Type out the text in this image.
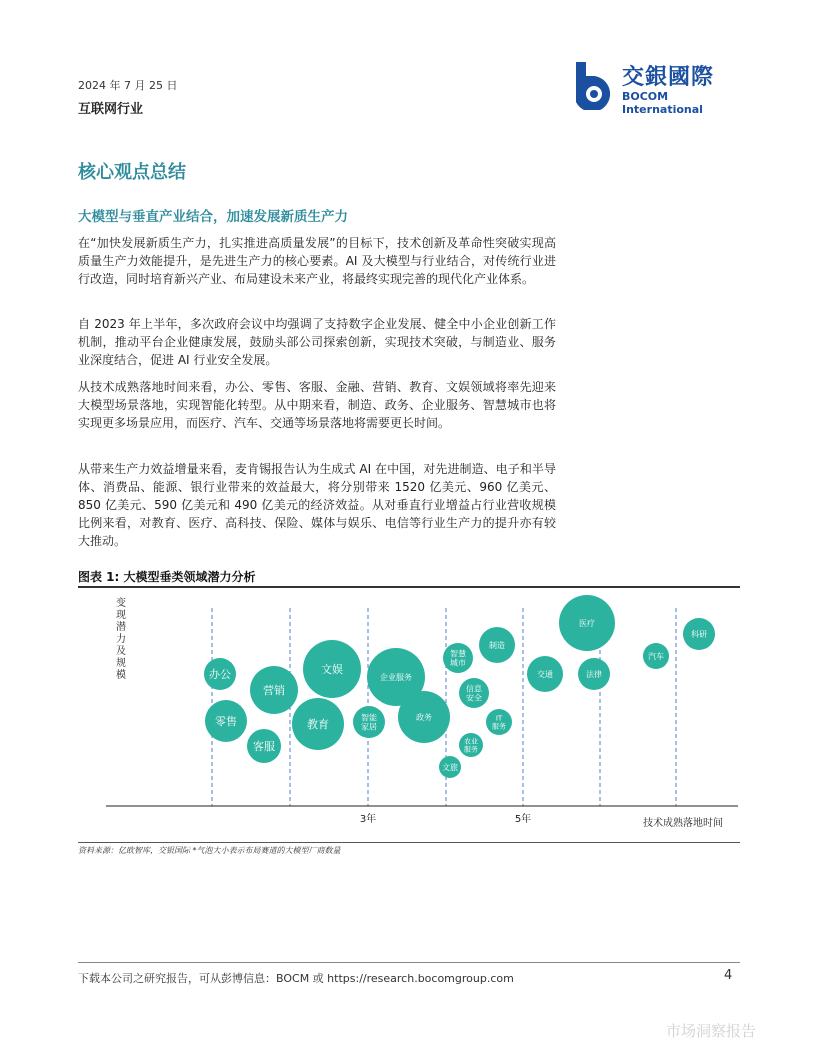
2024 年 7 月 25 日
互联网行业
交銀國際
BOCOM International
核心观点总结
大模型与垂直产业结合，加速发展新质生产力

在“加快发展新质生产力，扎实推进高质量发展”的目标下，技术创新及革命性突破实现高质量生产力效能提升，是先进生产力的核心要素。AI 及大模型与行业结合，对传统行业进行改造，同时培育新兴产业、布局建设未来产业，将最终实现完善的现代化产业体系。

自 2023 年上半年，多次政府会议中均强调了支持数字企业发展、健全中小企业创新工作机制，推动平台企业健康发展，鼓励头部公司探索创新，实现技术突破，与制造业、服务业深度结合，促进 AI 行业安全发展。

从技术成熟落地时间来看，办公、零售、客服、金融、营销、教育、文娱领域将率先迎来大模型场景落地，实现智能化转型。从中期来看，制造、政务、企业服务、智慧城市也将实现更多场景应用，而医疗、汽车、交通等场景落地将需要更长时间。

从带来生产力效益增量来看，麦肯锡报告认为生成式 AI 在中国，对先进制造、电子和半导体、消费品、能源、银行业带来的效益最大，将分别带来 1520 亿美元、960 亿美元、850 亿美元、590 亿美元和 490 亿美元的经济效益。从对垂直行业增益占行业营收规模比例来看，对教育、医疗、高科技、保险、媒体与娱乐、电信等行业生产力的提升亦有较大推动。

图表 1: 大模型垂类领域潜力分析
办公
零售
营销
客服
文娱
教育	智能家居
企业服务
政务
智慧城市
制造
信息安全
IT 服务
农业服务
文旅
交通
医疗
法律
汽车
科研
变现潜力及规模
3年	5年	技术成熟落地时间
资料来源：亿欧智库，交银国际 *气泡大小表示布局赛道的大模型厂商数量
下载本公司之研究报告，可从彭博信息：BOCM 或 https://research.bocomgroup.com	4
市场洞察报告
